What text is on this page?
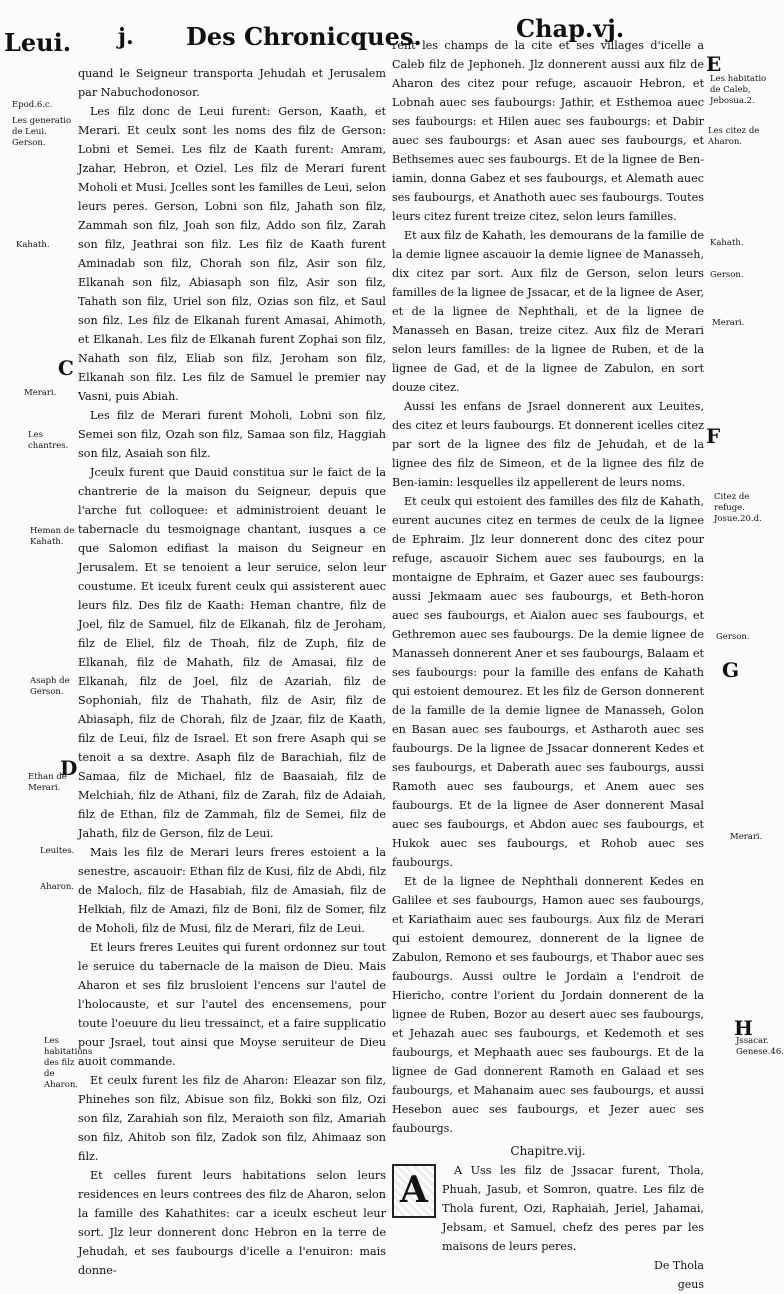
Leui. j. Des Chronicques.	Chap.vj.
Epod.6.c.
Les generatio de Leui. Gerson.
Kahath.
Merari.
Les chantres.
Heman de Kahath.
Asaph de Gerson.
Ethan de Merari.
Leuites.
Aharon.
Les habitations des filz de Aharon.
C
D
E
F
G
H
Les habitatio de Caleb, Jebosua.2.
Les citez de Aharon.
Kahath.
Gerson.
Merari.
Citez de refuge. Josue.20.d.
Gerson.
Merari.
Jssacar. Genese.46.

quand le Seigneur transporta Jehudah et Jerusalem par Nabuchodonosor.

Les filz donc de Leui furent: Gerson, Kaath, et Merari. Et ceulx sont les noms des filz de Gerson: Lobni et Semei. Les filz de Kaath furent: Amram, Jzahar, Hebron, et Oziel. Les filz de Merari furent Moholi et Musi. Jcelles sont les familles de Leui, selon leurs peres. Gerson, Lobni son filz, Jahath son filz, Zammah son filz, Joah son filz, Addo son filz, Zarah son filz, Jeathrai son filz. Les filz de Kaath furent Aminadab son filz, Chorah son filz, Asir son filz, Elkanah son filz, Abiasaph son filz, Asir son filz, Tahath son filz, Uriel son filz, Ozias son filz, et Saul son filz. Les filz de Elkanah furent Amasai, Ahimoth, et Elkanah. Les filz de Elkanah furent Zophai son filz, Nahath son filz, Eliab son filz, Jeroham son filz, Elkanah son filz. Les filz de Samuel le premier nay Vasni, puis Abiah.

Les filz de Merari furent Moholi, Lobni son filz, Semei son filz, Ozah son filz, Samaa son filz, Haggiah son filz, Asaiah son filz.

Jceulx furent que Dauid constitua sur le faict de la chantrerie de la maison du Seigneur, depuis que l'arche fut colloquee: et administroient deuant le tabernacle du tesmoignage chantant, iusques a ce que Salomon edifiast la maison du Seigneur en Jerusalem. Et se tenoient a leur seruice, selon leur coustume. Et iceulx furent ceulx qui assisterent auec leurs filz. Des filz de Kaath: Heman chantre, filz de Joel, filz de Samuel, filz de Elkanah, filz de Jeroham, filz de Eliel, filz de Thoah, filz de Zuph, filz de Elkanah, filz de Mahath, filz de Amasai, filz de Elkanah, filz de Joel, filz de Azariah, filz de Sophoniah, filz de Thahath, filz de Asir, filz de Abiasaph, filz de Chorah, filz de Jzaar, filz de Kaath, filz de Leui, filz de Israel. Et son frere Asaph qui se tenoit a sa dextre. Asaph filz de Barachiah, filz de Samaa, filz de Michael, filz de Baasaiah, filz de Melchiah, filz de Athani, filz de Zarah, filz de Adaiah, filz de Ethan, filz de Zammah, filz de Semei, filz de Jahath, filz de Gerson, filz de Leui.

Mais les filz de Merari leurs freres estoient a la senestre, ascauoir: Ethan filz de Kusi, filz de Abdi, filz de Maloch, filz de Hasabiah, filz de Amasiah, filz de Helkiah, filz de Amazi, filz de Boni, filz de Somer, filz de Moholi, filz de Musi, filz de Merari, filz de Leui.

Et leurs freres Leuites qui furent ordonnez sur tout le seruice du tabernacle de la maison de Dieu. Mais Aharon et ses filz brusloient l'encens sur l'autel de l'holocauste, et sur l'autel des encensemens, pour toute l'oeuure du lieu tressainct, et a faire supplicatio pour Jsrael, tout ainsi que Moyse seruiteur de Dieu auoit commande.

Et ceulx furent les filz de Aharon: Eleazar son filz, Phinehes son filz, Abisue son filz, Bokki son filz, Ozi son filz, Zarahiah son filz, Meraioth son filz, Amariah son filz, Ahitob son filz, Zadok son filz, Ahimaaz son filz.

Et celles furent leurs habitations selon leurs residences en leurs contrees des filz de Aharon, selon la famille des Kahathites: car a iceulx escheut leur sort. Jlz leur donnerent donc Hebron en la terre de Jehudah, et ses faubourgs d'icelle a l'enuiron: mais donne-

rent les champs de la cite et ses villages d'icelle a Caleb filz de Jephoneh. Jlz donnerent aussi aux filz de Aharon des citez pour refuge, ascauoir Hebron, et Lobnah auec ses faubourgs: Jathir, et Esthemoa auec ses faubourgs: et Hilen auec ses faubourgs: et Dabir auec ses faubourgs: et Asan auec ses faubourgs, et Bethsemes auec ses faubourgs. Et de la lignee de Ben-iamin, donna Gabez et ses faubourgs, et Alemath auec ses faubourgs, et Anathoth auec ses faubourgs. Toutes leurs citez furent treize citez, selon leurs familles.

Et aux filz de Kahath, les demourans de la famille de la demie lignee ascauoir la demie lignee de Manasseh, dix citez par sort. Aux filz de Gerson, selon leurs familles de la lignee de Jssacar, et de la lignee de Aser, et de la lignee de Nephthali, et de la lignee de Manasseh en Basan, treize citez. Aux filz de Merari selon leurs familles: de la lignee de Ruben, et de la lignee de Gad, et de la lignee de Zabulon, en sort douze citez.

Aussi les enfans de Jsrael donnerent aux Leuites, des citez et leurs faubourgs. Et donnerent icelles citez par sort de la lignee des filz de Jehudah, et de la lignee des filz de Simeon, et de la lignee des filz de Ben-iamin: lesquelles ilz appellerent de leurs noms.

Et ceulx qui estoient des familles des filz de Kahath, eurent aucunes citez en termes de ceulx de la lignee de Ephraim. Jlz leur donnerent donc des citez pour refuge, ascauoir Sichem auec ses faubourgs, en la montaigne de Ephraim, et Gazer auec ses faubourgs: aussi Jekmaam auec ses faubourgs, et Beth-horon auec ses faubourgs, et Aialon auec ses faubourgs, et Gethremon auec ses faubourgs. De la demie lignee de Manasseh donnerent Aner et ses faubourgs, Balaam et ses faubourgs: pour la famille des enfans de Kahath qui estoient demourez. Et les filz de Gerson donnerent de la famille de la demie lignee de Manasseh, Golon en Basan auec ses faubourgs, et Astharoth auec ses faubourgs. De la lignee de Jssacar donnerent Kedes et ses faubourgs, et Daberath auec ses faubourgs, aussi Ramoth auec ses faubourgs, et Anem auec ses faubourgs. Et de la lignee de Aser donnerent Masal auec ses faubourgs, et Abdon auec ses faubourgs, et Hukok auec ses faubourgs, et Rohob auec ses faubourgs.

Et de la lignee de Nephthali donnerent Kedes en Galilee et ses faubourgs, Hamon auec ses faubourgs, et Kariathaim auec ses faubourgs. Aux filz de Merari qui estoient demourez, donnerent de la lignee de Zabulon, Remono et ses faubourgs, et Thabor auec ses faubourgs. Aussi oultre le Jordain a l'endroit de Hiericho, contre l'orient du Jordain donnerent de la lignee de Ruben, Bozor au desert auec ses faubourgs, et Jehazah auec ses faubourgs, et Kedemoth et ses faubourgs, et Mephaath auec ses faubourgs. Et de la lignee de Gad donnerent Ramoth en Galaad et ses faubourgs, et Mahanaim auec ses faubourgs, et aussi Hesebon auec ses faubourgs, et Jezer auec ses faubourgs.

Chapitre.vij.

A	A Uss les filz de Jssacar furent, Thola, Phuah, Jasub, et Somron, quatre. Les filz de Thola furent, Ozi, Raphaiah, Jeriel, Jahamai, Jebsam, et Samuel, chefz des peres par les maisons de leurs peres.

De Thola
geus
